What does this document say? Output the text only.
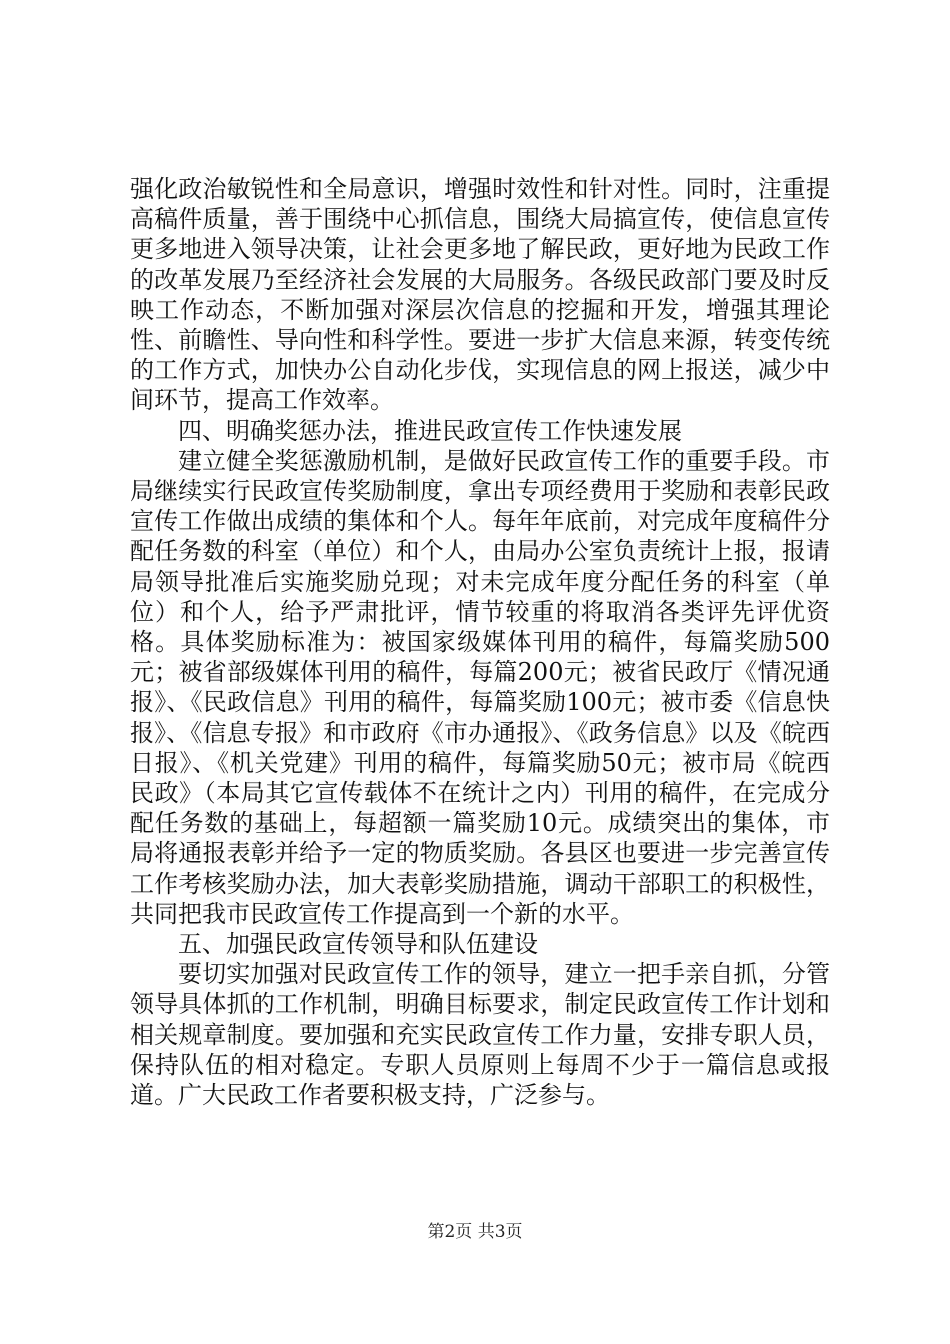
强化政治敏锐性和全局意识，增强时效性和针对性。同时，注重提高稿件质量，善于围绕中心抓信息，围绕大局搞宣传，使信息宣传更多地进入领导决策，让社会更多地了解民政，更好地为民政工作的改革发展乃至经济社会发展的大局服务。各级民政部门要及时反映工作动态，不断加强对深层次信息的挖掘和开发，增强其理论性、前瞻性、导向性和科学性。要进一步扩大信息来源，转变传统的工作方式，加快办公自动化步伐，实现信息的网上报送，减少中间环节，提高工作效率。

四、明确奖惩办法，推进民政宣传工作快速发展

建立健全奖惩激励机制，是做好民政宣传工作的重要手段。市局继续实行民政宣传奖励制度，拿出专项经费用于奖励和表彰民政宣传工作做出成绩的集体和个人。每年年底前，对完成年度稿件分配任务数的科室（单位）和个人，由局办公室负责统计上报，报请局领导批准后实施奖励兑现；对未完成年度分配任务的科室（单位）和个人，给予严肃批评，情节较重的将取消各类评先评优资格。具体奖励标准为：被国家级媒体刊用的稿件，每篇奖励500元；被省部级媒体刊用的稿件，每篇200元；被省民政厅《情况通报》、《民政信息》刊用的稿件，每篇奖励100元；被市委《信息快报》、《信息专报》和市政府《市办通报》、《政务信息》以及《皖西日报》、《机关党建》刊用的稿件，每篇奖励50元；被市局《皖西民政》（本局其它宣传载体不在统计之内）刊用的稿件，在完成分配任务数的基础上，每超额一篇奖励10元。成绩突出的集体，市局将通报表彰并给予一定的物质奖励。各县区也要进一步完善宣传工作考核奖励办法，加大表彰奖励措施，调动干部职工的积极性，共同把我市民政宣传工作提高到一个新的水平。

五、加强民政宣传领导和队伍建设

要切实加强对民政宣传工作的领导，建立一把手亲自抓，分管领导具体抓的工作机制，明确目标要求，制定民政宣传工作计划和相关规章制度。要加强和充实民政宣传工作力量，安排专职人员，保持队伍的相对稳定。专职人员原则上每周不少于一篇信息或报道。广大民政工作者要积极支持，广泛参与。

第2页 共3页
